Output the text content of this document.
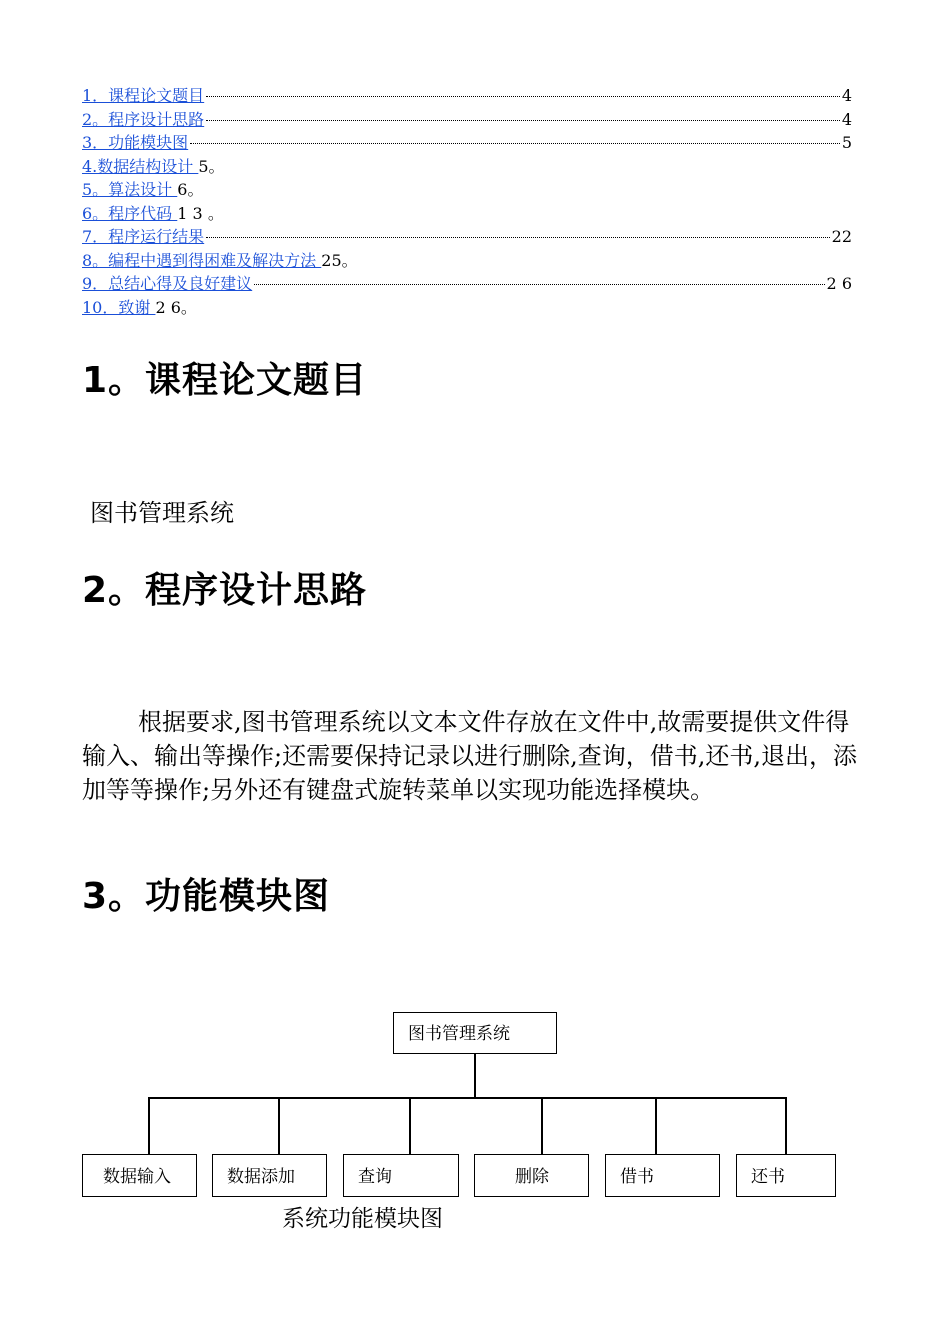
1．课程论文题目	4
2。程序设计思路	4
3．功能模块图	5
4.数据结构设计 5。
5。算法设计 6。
6。程序代码 1 3 。
7．程序运行结果	22
8。编程中遇到得困难及解决方法 25。
9．总结心得及良好建议	2 6
10．致谢 2 6。
1。课程论文题目
图书管理系统
2。程序设计思路
根据要求,图书管理系统以文本文件存放在文件中,故需要提供文件得输入、输出等操作;还需要保持记录以进行删除,查询，借书,还书,退出，添加等等操作;另外还有键盘式旋转菜单以实现功能选择模块。
3。功能模块图
图书管理系统
数据输入	数据添加	查询	删除	借书	还书
系统功能模块图
